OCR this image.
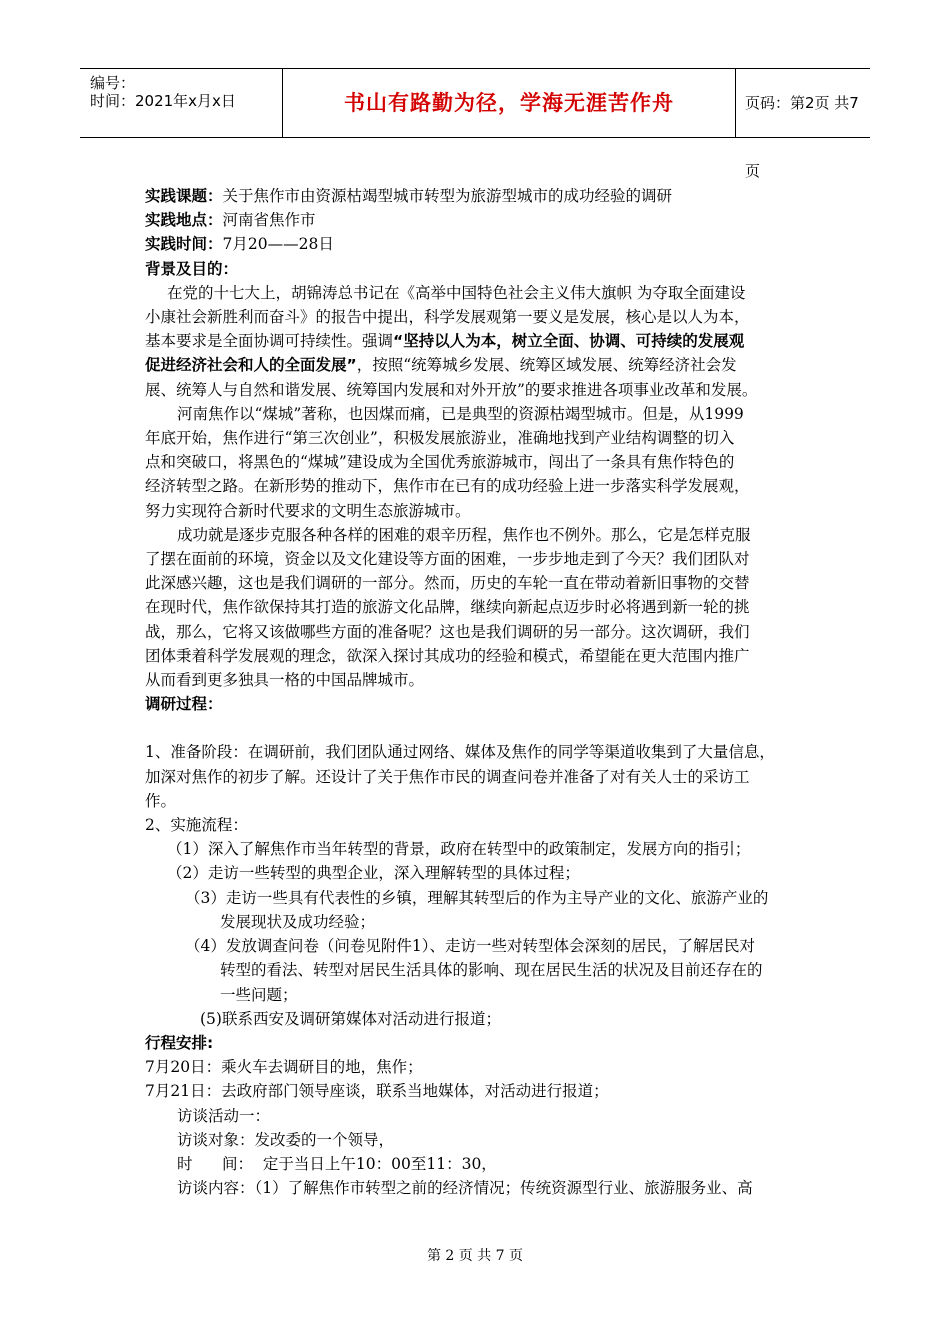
编号：
时间：2021年x月x日	书山有路勤为径，学海无涯苦作舟	页码：第2页 共7页
实践课题：关于焦作市由资源枯竭型城市转型为旅游型城市的成功经验的调研
实践地点：河南省焦作市
实践时间：7月20——28日
背景及目的：
在党的十七大上，胡锦涛总书记在《高举中国特色社会主义伟大旗帜 为夺取全面建设
小康社会新胜利而奋斗》的报告中提出，科学发展观第一要义是发展，核心是以人为本，
基本要求是全面协调可持续性。强调“坚持以人为本，树立全面、协调、可持续的发展观
促进经济社会和人的全面发展”，按照“统筹城乡发展、统筹区域发展、统筹经济社会发
展、统筹人与自然和谐发展、统筹国内发展和对外开放”的要求推进各项事业改革和发展。
河南焦作以“煤城”著称，也因煤而痛，已是典型的资源枯竭型城市。但是，从1999
年底开始，焦作进行“第三次创业”，积极发展旅游业，准确地找到产业结构调整的切入
点和突破口，将黑色的“煤城”建设成为全国优秀旅游城市，闯出了一条具有焦作特色的
经济转型之路。在新形势的推动下，焦作市在已有的成功经验上进一步落实科学发展观，
努力实现符合新时代要求的文明生态旅游城市。
成功就是逐步克服各种各样的困难的艰辛历程，焦作也不例外。那么，它是怎样克服
了摆在面前的环境，资金以及文化建设等方面的困难，一步步地走到了今天？我们团队对
此深感兴趣，这也是我们调研的一部分。然而，历史的车轮一直在带动着新旧事物的交替
在现时代，焦作欲保持其打造的旅游文化品牌，继续向新起点迈步时必将遇到新一轮的挑
战，那么，它将又该做哪些方面的准备呢？这也是我们调研的另一部分。这次调研，我们
团体秉着科学发展观的理念，欲深入探讨其成功的经验和模式，希望能在更大范围内推广
从而看到更多独具一格的中国品牌城市。
调研过程：
1、准备阶段：在调研前，我们团队通过网络、媒体及焦作的同学等渠道收集到了大量信息，
加深对焦作的初步了解。还设计了关于焦作市民的调查问卷并准备了对有关人士的采访工
作。
2、实施流程：
（1）深入了解焦作市当年转型的背景，政府在转型中的政策制定，发展方向的指引；
（2）走访一些转型的典型企业，深入理解转型的具体过程；
（3）走访一些具有代表性的乡镇，理解其转型后的作为主导产业的文化、旅游产业的
发展现状及成功经验；
（4）发放调查问卷（问卷见附件1）、走访一些对转型体会深刻的居民，了解居民对
转型的看法、转型对居民生活具体的影响、现在居民生活的状况及目前还存在的
一些问题；
(5)联系西安及调研第媒体对活动进行报道；
行程安排:
7月20日：乘火车去调研目的地，焦作；
7月21日：去政府部门领导座谈，联系当地媒体，对活动进行报道；
访谈活动一：
访谈对象：发改委的一个领导，
时      间：  定于当日上午10：00至11：30，
访谈内容：（1）了解焦作市转型之前的经济情况；传统资源型行业、旅游服务业、高
第 2 页 共 7 页
